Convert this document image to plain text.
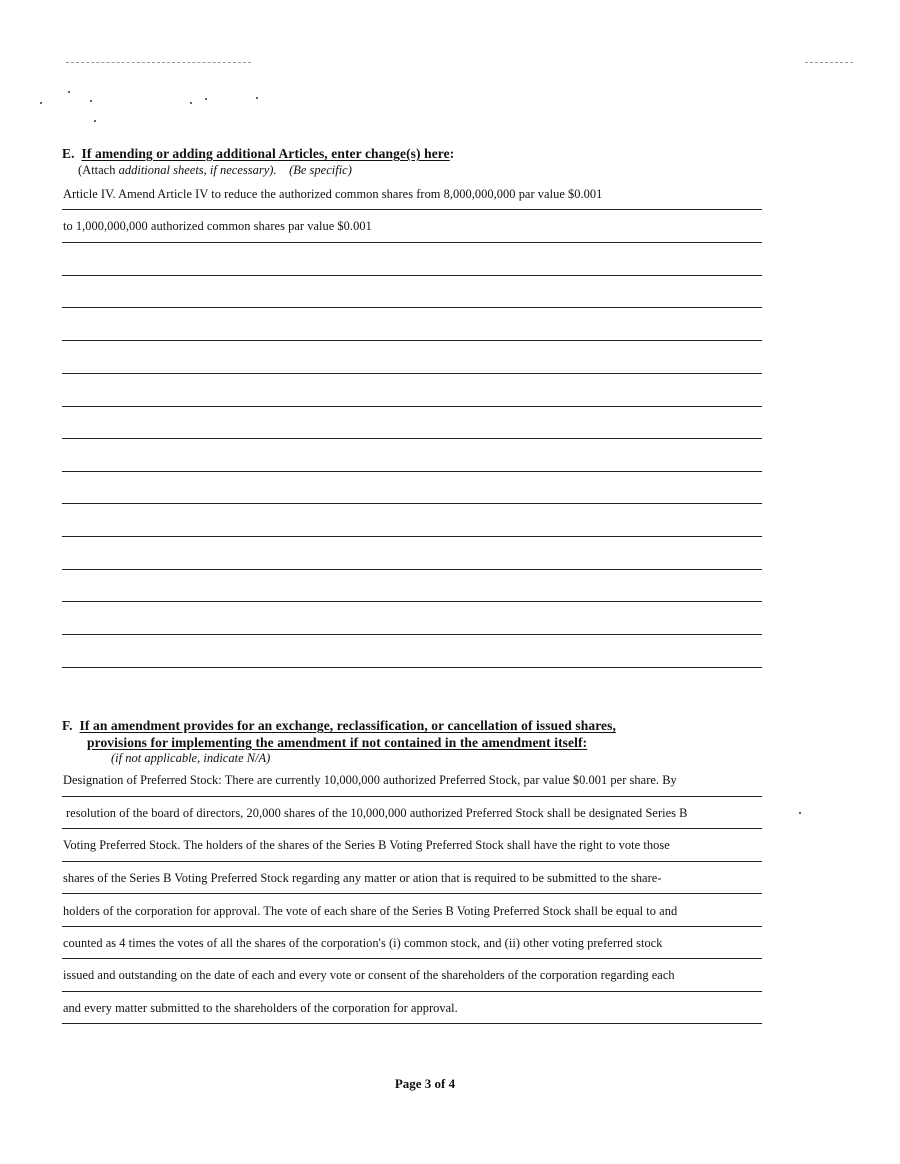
E. If amending or adding additional Articles, enter change(s) here:
(Attach additional sheets, if necessary). (Be specific)
Article IV. Amend Article IV to reduce the authorized common shares from 8,000,000,000 par value $0.001
to 1,000,000,000 authorized common shares par value $0.001
F. If an amendment provides for an exchange, reclassification, or cancellation of issued shares,
provisions for implementing the amendment if not contained in the amendment itself:
(if not applicable, indicate N/A)
Designation of Preferred Stock: There are currently 10,000,000 authorized Preferred Stock, par value $0.001 per share. By
resolution of the board of directors, 20,000 shares of the 10,000,000 authorized Preferred Stock shall be designated Series B
Voting Preferred Stock. The holders of the shares of the Series B Voting Preferred Stock shall have the right to vote those
shares of the Series B Voting Preferred Stock regarding any matter or ation that is required to be submitted to the share-
holders of the corporation for approval. The vote of each share of the Series B Voting Preferred Stock shall be equal to and
counted as 4 times the votes of all the shares of the corporation's (i) common stock, and (ii) other voting preferred stock
issued and outstanding on the date of each and every vote or consent of the shareholders of the corporation regarding each
and every matter submitted to the shareholders of the corporation for approval.
Page 3 of 4
